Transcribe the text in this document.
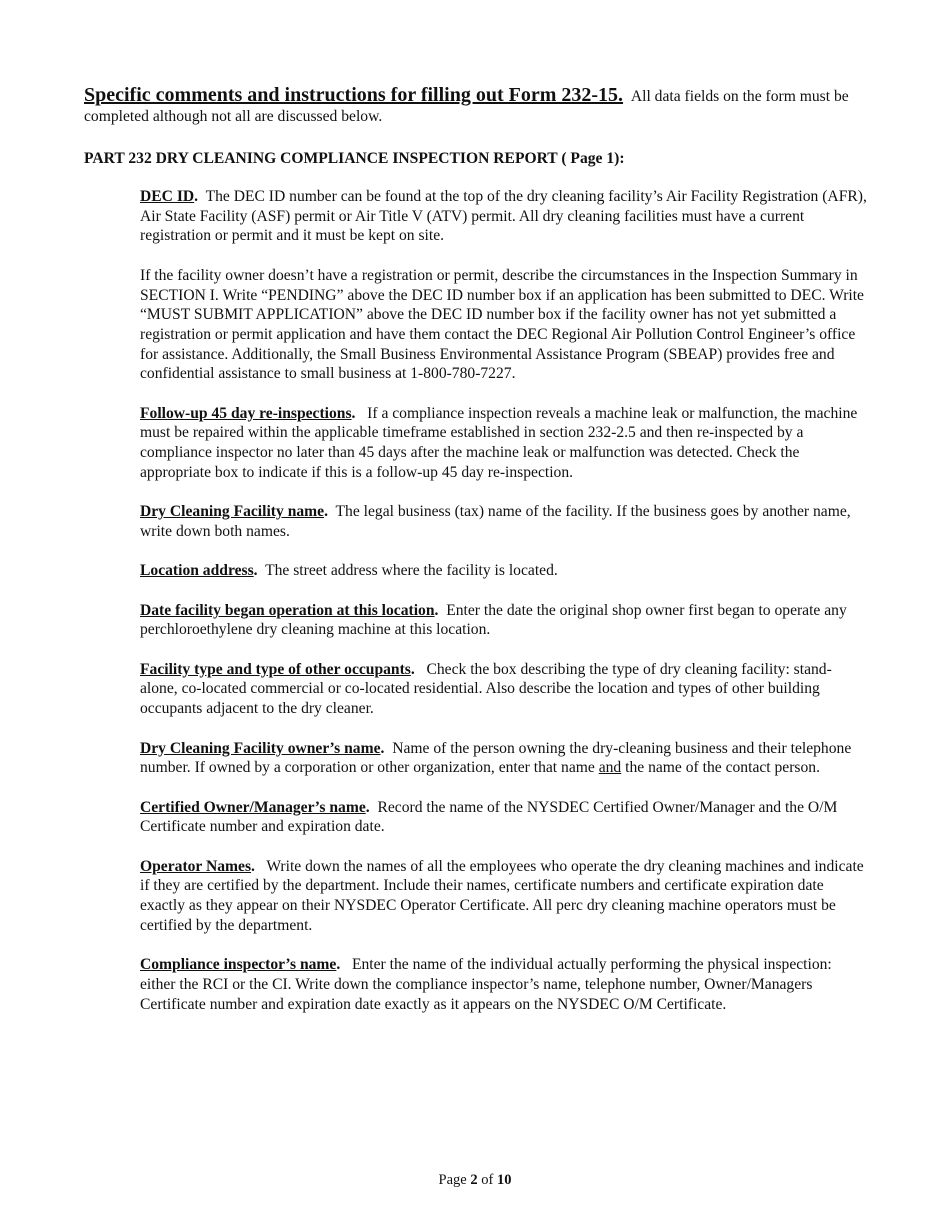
Specific comments and instructions for filling out Form 232-15. All data fields on the form must be completed although not all are discussed below.
PART 232 DRY CLEANING COMPLIANCE INSPECTION REPORT ( Page 1):

DEC ID. The DEC ID number can be found at the top of the dry cleaning facility’s Air Facility Registration (AFR), Air State Facility (ASF) permit or Air Title V (ATV) permit. All dry cleaning facilities must have a current registration or permit and it must be kept on site.

If the facility owner doesn’t have a registration or permit, describe the circumstances in the Inspection Summary in SECTION I. Write “PENDING” above the DEC ID number box if an application has been submitted to DEC. Write “MUST SUBMIT APPLICATION” above the DEC ID number box if the facility owner has not yet submitted a registration or permit application and have them contact the DEC Regional Air Pollution Control Engineer’s office for assistance. Additionally, the Small Business Environmental Assistance Program (SBEAP) provides free and confidential assistance to small business at 1-800-780-7227.

Follow-up 45 day re-inspections. If a compliance inspection reveals a machine leak or malfunction, the machine must be repaired within the applicable timeframe established in section 232-2.5 and then re-inspected by a compliance inspector no later than 45 days after the machine leak or malfunction was detected. Check the appropriate box to indicate if this is a follow-up 45 day re-inspection.

Dry Cleaning Facility name. The legal business (tax) name of the facility. If the business goes by another name, write down both names.

Location address. The street address where the facility is located.

Date facility began operation at this location. Enter the date the original shop owner first began to operate any perchloroethylene dry cleaning machine at this location.

Facility type and type of other occupants. Check the box describing the type of dry cleaning facility: stand-alone, co-located commercial or co-located residential. Also describe the location and types of other building occupants adjacent to the dry cleaner.

Dry Cleaning Facility owner’s name. Name of the person owning the dry-cleaning business and their telephone number. If owned by a corporation or other organization, enter that name and the name of the contact person.

Certified Owner/Manager’s name. Record the name of the NYSDEC Certified Owner/Manager and the O/M Certificate number and expiration date.

Operator Names. Write down the names of all the employees who operate the dry cleaning machines and indicate if they are certified by the department. Include their names, certificate numbers and certificate expiration date exactly as they appear on their NYSDEC Operator Certificate. All perc dry cleaning machine operators must be certified by the department.

Compliance inspector’s name. Enter the name of the individual actually performing the physical inspection: either the RCI or the CI. Write down the compliance inspector’s name, telephone number, Owner/Managers Certificate number and expiration date exactly as it appears on the NYSDEC O/M Certificate.

Page 2 of 10
